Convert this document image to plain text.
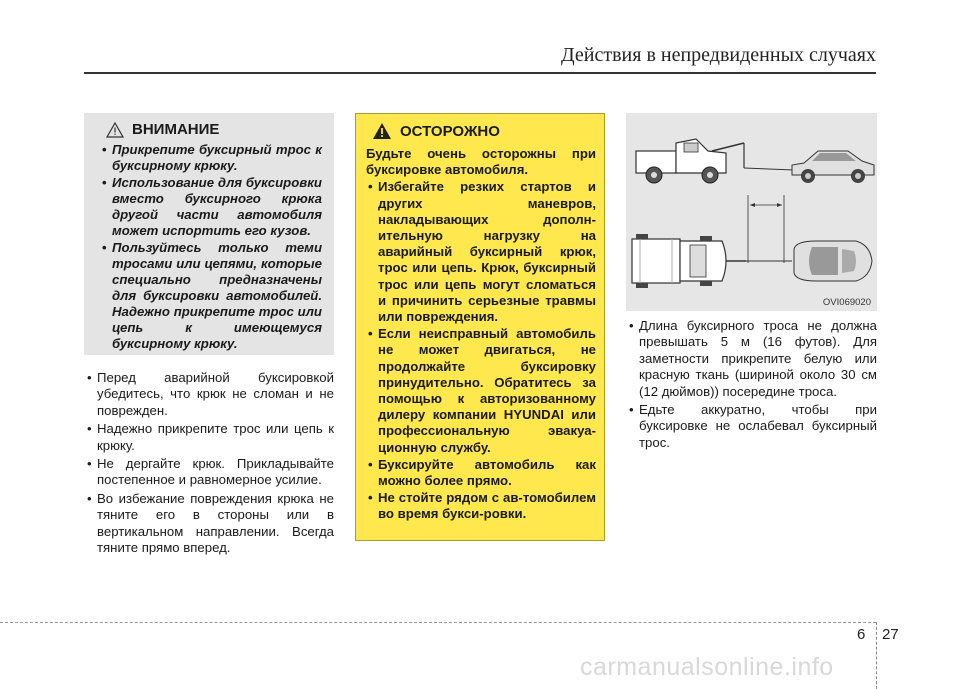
Действия в непредвиденных случаях
ВНИМАНИЕ
• Прикрепите буксирный трос к буксирному крюку.
• Использование для буксировки вместо буксирного крюка другой части автомобиля может испортить его кузов.
• Пользуйтесь только теми тросами или цепями, которые специально предназначены для буксировки автомобилей. Надежно прикрепите трос или цепь к имеющемуся буксирному крюку.
• Перед аварийной буксировкой убедитесь, что крюк не сломан и не поврежден.
• Надежно прикрепите трос или цепь к крюку.
• Не дергайте крюк. Прикладывайте постепенное и равномерное усилие.
• Во избежание повреждения крюка не тяните его в стороны или в вертикальном направлении. Всегда тяните прямо вперед.
ОСТОРОЖНО

Будьте очень осторожны при буксировке автомобиля.

• Избегайте резких стартов и других маневров, накладывающих дополн-ительную нагрузку на аварийный буксирный крюк, трос или цепь. Крюк, буксирный трос или цепь могут сломаться и причинить серьезные травмы или повреждения.
• Если неисправный автомобиль не может двигаться, не продолжайте буксировку принудительно. Обратитесь за помощью к авторизованному дилеру компании HYUNDAI или профессиональную эвакуа-ционную службу.
• Буксируйте автомобиль как можно более прямо.
• Не стойте рядом с ав-томобилем во время букси-ровки.
OVI069020
• Длина буксирного троса не должна превышать 5 м (16 футов). Для заметности прикрепите белую или красную ткань (шириной около 30 см (12 дюймов)) посередине троса.
• Едьте аккуратно, чтобы при буксировке не ослабевал буксирный трос.
6 27
carmanualsonline.info
